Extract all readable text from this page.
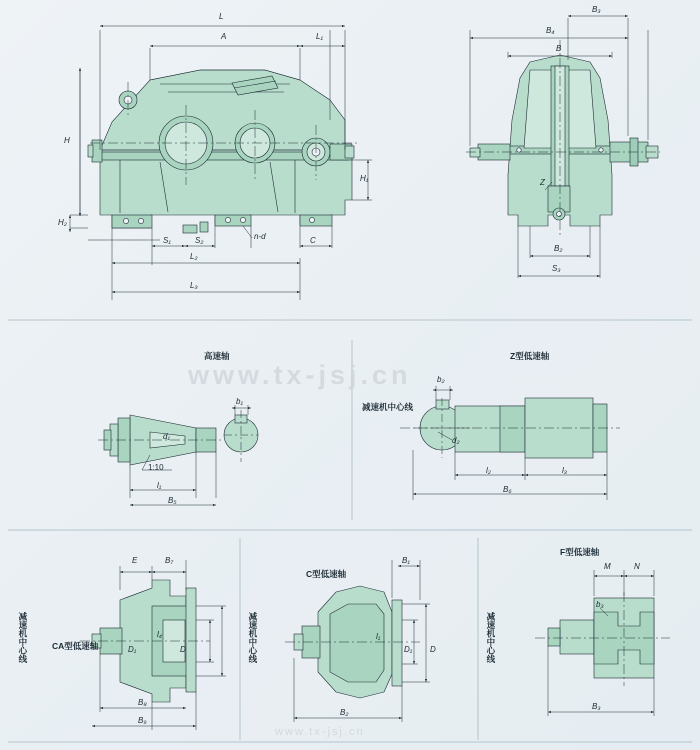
L
A	L₁
H
H₁
H₂
S₁	S₂	n-d	C
L₂
L₃
B₄
B₃
B
B₂
S₃
Z
高速轴	Z型低速轴
CA型低速轴
C型低速轴
F型低速轴
减速机中心线
减速机中心线	减速机中心线	减速机中心线
b₁
d₁
l₁
B₅
1:10
b₂
d₂
l₂	l₃
B₆
E	B₇
D₁
l₄
D
B₈
B₉
B₁
D₁
l₁
D
B₂
M	N
b₃
B₃
www.tx-jsj.cn
www.tx-jsj.cn
